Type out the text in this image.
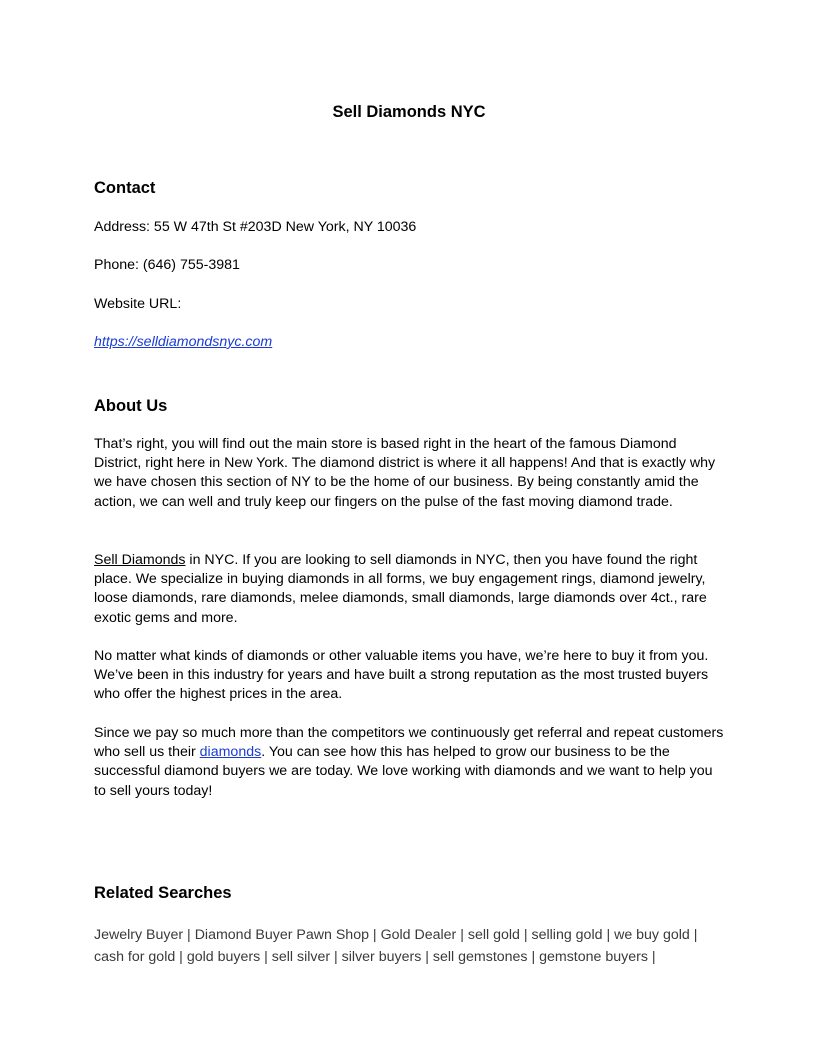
Sell Diamonds NYC
Contact
Address: 55 W 47th St #203D New York, NY 10036
Phone: (646) 755-3981
Website URL:
https://selldiamondsnyc.com
About Us
That’s right, you will find out the main store is based right in the heart of the famous Diamond District, right here in New York. The diamond district is where it all happens! And that is exactly why we have chosen this section of NY to be the home of our business. By being constantly amid the action, we can well and truly keep our fingers on the pulse of the fast moving diamond trade.
Sell Diamonds in NYC. If you are looking to sell diamonds in NYC, then you have found the right place. We specialize in buying diamonds in all forms, we buy engagement rings, diamond jewelry, loose diamonds, rare diamonds, melee diamonds, small diamonds, large diamonds over 4ct., rare exotic gems and more.
No matter what kinds of diamonds or other valuable items you have, we’re here to buy it from you. We’ve been in this industry for years and have built a strong reputation as the most trusted buyers who offer the highest prices in the area.
Since we pay so much more than the competitors we continuously get referral and repeat customers who sell us their diamonds. You can see how this has helped to grow our business to be the successful diamond buyers we are today. We love working with diamonds and we want to help you to sell yours today!
Related Searches
Jewelry Buyer | Diamond Buyer Pawn Shop | Gold Dealer | sell gold | selling gold | we buy gold | cash for gold | gold buyers | sell silver | silver buyers | sell gemstones | gemstone buyers |
